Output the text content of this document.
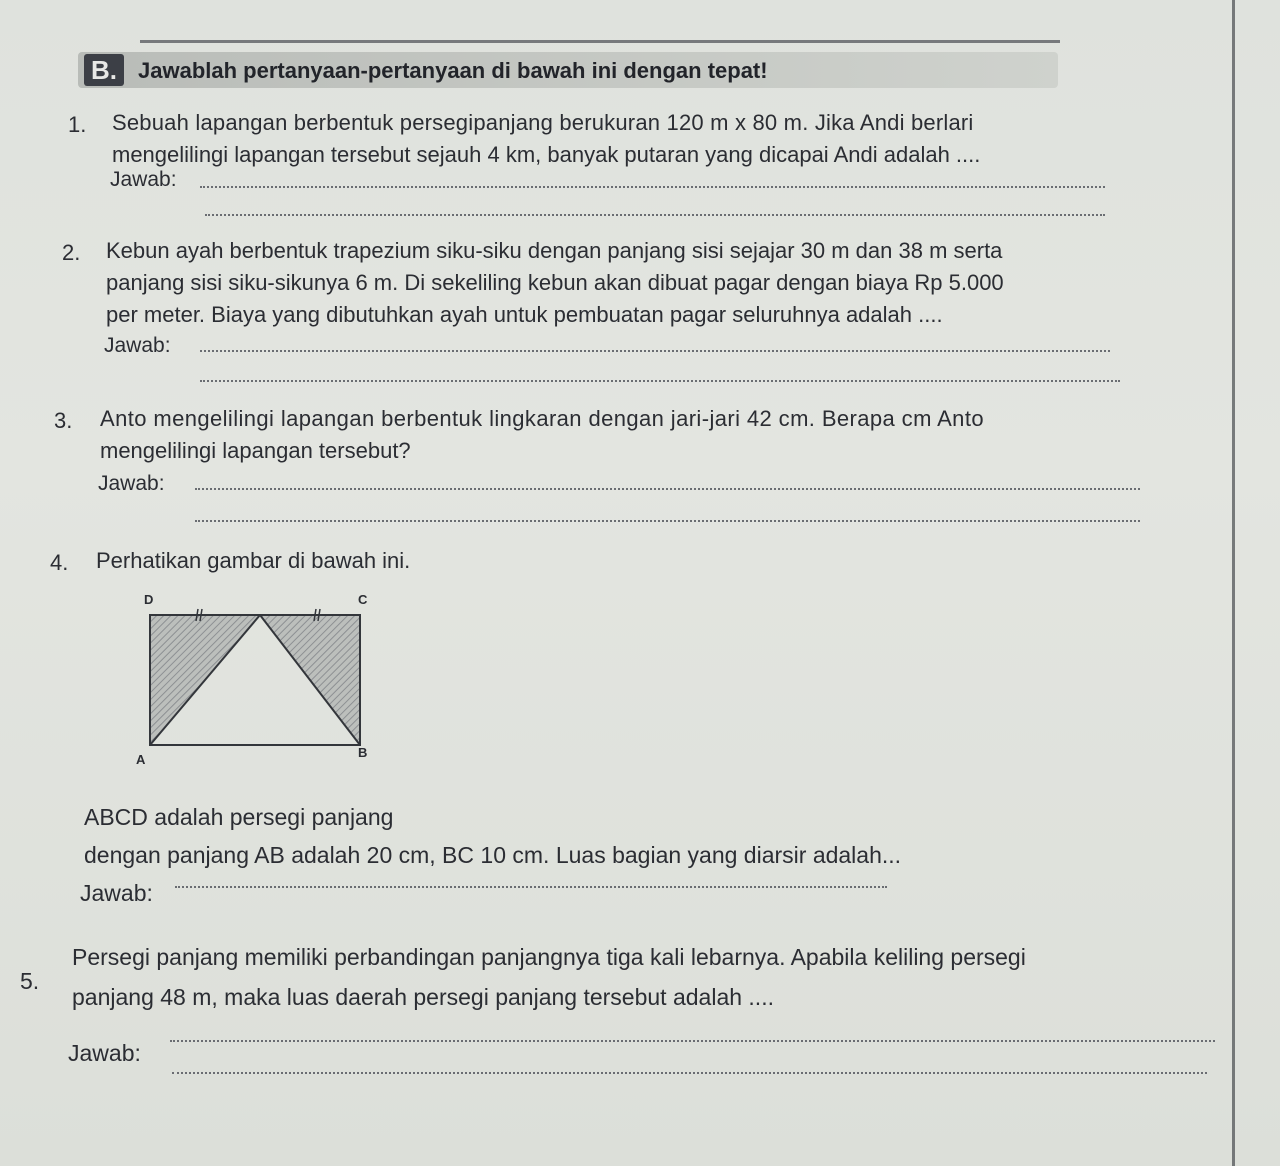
B. Jawablah pertanyaan-pertanyaan di bawah ini dengan tepat!
1. Sebuah lapangan berbentuk persegipanjang berukuran 120 m x 80 m. Jika Andi berlari
mengelilingi lapangan tersebut sejauh 4 km, banyak putaran yang dicapai Andi adalah ....
Jawab:
2. Kebun ayah berbentuk trapezium siku-siku dengan panjang sisi sejajar 30 m dan 38 m serta
panjang sisi siku-sikunya 6 m. Di sekeliling kebun akan dibuat pagar dengan biaya Rp 5.000
per meter. Biaya yang dibutuhkan ayah untuk pembuatan pagar seluruhnya adalah ....
Jawab:
3. Anto mengelilingi lapangan berbentuk lingkaran dengan jari-jari 42 cm. Berapa cm Anto
mengelilingi lapangan tersebut?
Jawab:
4. Perhatikan gambar di bawah ini.
D	C
A	B
ABCD adalah persegi panjang
dengan panjang AB adalah 20 cm, BC 10 cm. Luas bagian yang diarsir adalah...
Jawab:
5.
Persegi panjang memiliki perbandingan panjangnya tiga kali lebarnya. Apabila keliling persegi
panjang 48 m, maka luas daerah persegi panjang tersebut adalah ....
Jawab:
